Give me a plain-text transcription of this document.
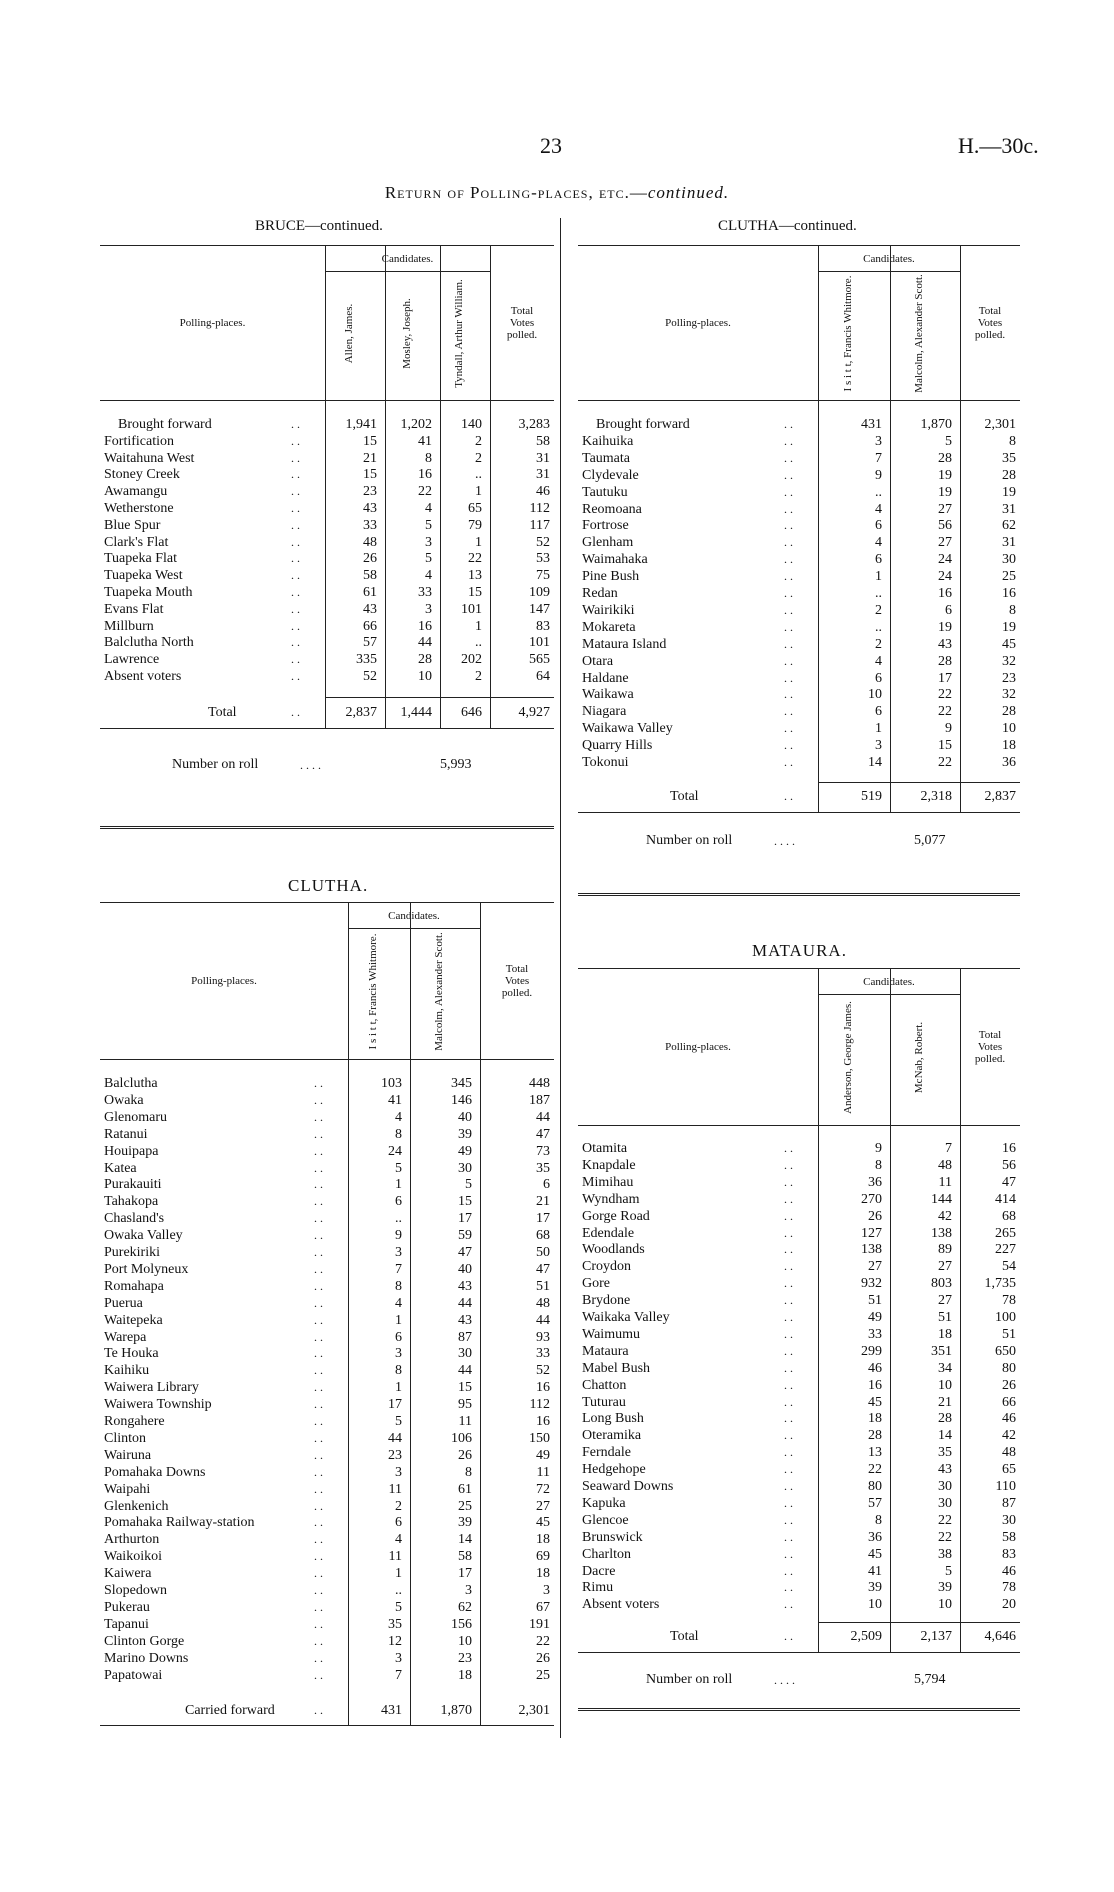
23	H.—30c.
Return of Polling-places, etc.—continued.
BRUCE—continued.
Candidates.
Polling-places.
Total
Votes
polled.
Allen, James.	Mosley, Joseph.	Tyndall, Arthur William.
Brought forward	. .	1,941	1,202	140	3,283
Fortification	. .	15	41	2	58
Waitahuna West	. .	21	8	2	31
Stoney Creek	. .	15	16	..	31
Awamangu	. .	23	22	1	46
Wetherstone	. .	43	4	65	112
Blue Spur	. .	33	5	79	117
Clark's Flat	. .	48	3	1	52
Tuapeka Flat	. .	26	5	22	53
Tuapeka West	. .	58	4	13	75
Tuapeka Mouth	. .	61	33	15	109
Evans Flat	. .	43	3	101	147
Millburn	. .	66	16	1	83
Balclutha North	. .	57	44	..	101
Lawrence	. .	335	28	202	565
Absent voters	. .	52	10	2	64
Total	. .	2,837	1,444	646	4,927
Number on roll	. . . .	5,993
CLUTHA.
Candidates.
Polling-places.
Total
Votes
polled.
I s i t t, Francis Whitmore.	Malcolm, Alexander Scott.
Balclutha	. .	103	345	448
Owaka	. .	41	146	187
Glenomaru	. .	4	40	44
Ratanui	. .	8	39	47
Houipapa	. .	24	49	73
Katea	. .	5	30	35
Purakauiti	. .	1	5	6
Tahakopa	. .	6	15	21
Chasland's	. .	..	17	17
Owaka Valley	. .	9	59	68
Purekiriki	. .	3	47	50
Port Molyneux	. .	7	40	47
Romahapa	. .	8	43	51
Puerua	. .	4	44	48
Waitepeka	. .	1	43	44
Warepa	. .	6	87	93
Te Houka	. .	3	30	33
Kaihiku	. .	8	44	52
Waiwera Library	. .	1	15	16
Waiwera Township	. .	17	95	112
Rongahere	. .	5	11	16
Clinton	. .	44	106	150
Wairuna	. .	23	26	49
Pomahaka Downs	. .	3	8	11
Waipahi	. .	11	61	72
Glenkenich	. .	2	25	27
Pomahaka Railway-station	. .	6	39	45
Arthurton	. .	4	14	18
Waikoikoi	. .	11	58	69
Kaiwera	. .	1	17	18
Slopedown	. .	..	3	3
Pukerau	. .	5	62	67
Tapanui	. .	35	156	191
Clinton Gorge	. .	12	10	22
Marino Downs	. .	3	23	26
Papatowai	. .	7	18	25
Carried forward	. .	431	1,870	2,301
CLUTHA—continued.
Candidates.
Polling-places.
Total
Votes
polled.
I s i t t, Francis Whitmore.	Malcolm, Alexander Scott.
Brought forward	. .	431	1,870	2,301
Kaihuika	. .	3	5	8
Taumata	. .	7	28	35
Clydevale	. .	9	19	28
Tautuku	. .	..	19	19
Reomoana	. .	4	27	31
Fortrose	. .	6	56	62
Glenham	. .	4	27	31
Waimahaka	. .	6	24	30
Pine Bush	. .	1	24	25
Redan	. .	..	16	16
Wairikiki	. .	2	6	8
Mokareta	. .	..	19	19
Mataura Island	. .	2	43	45
Otara	. .	4	28	32
Haldane	. .	6	17	23
Waikawa	. .	10	22	32
Niagara	. .	6	22	28
Waikawa Valley	. .	1	9	10
Quarry Hills	. .	3	15	18
Tokonui	. .	14	22	36
Total	. .	519	2,318	2,837
Number on roll	. . . .	5,077
MATAURA.
Candidates.
Polling-places.
Total
Votes
polled.
Anderson, George James.	McNab, Robert.
Otamita	. .	9	7	16
Knapdale	. .	8	48	56
Mimihau	. .	36	11	47
Wyndham	. .	270	144	414
Gorge Road	. .	26	42	68
Edendale	. .	127	138	265
Woodlands	. .	138	89	227
Croydon	. .	27	27	54
Gore	. .	932	803	1,735
Brydone	. .	51	27	78
Waikaka Valley	. .	49	51	100
Waimumu	. .	33	18	51
Mataura	. .	299	351	650
Mabel Bush	. .	46	34	80
Chatton	. .	16	10	26
Tuturau	. .	45	21	66
Long Bush	. .	18	28	46
Oteramika	. .	28	14	42
Ferndale	. .	13	35	48
Hedgehope	. .	22	43	65
Seaward Downs	. .	80	30	110
Kapuka	. .	57	30	87
Glencoe	. .	8	22	30
Brunswick	. .	36	22	58
Charlton	. .	45	38	83
Dacre	. .	41	5	46
Rimu	. .	39	39	78
Absent voters	. .	10	10	20
Total	. .	2,509	2,137	4,646
Number on roll	. . . .	5,794
